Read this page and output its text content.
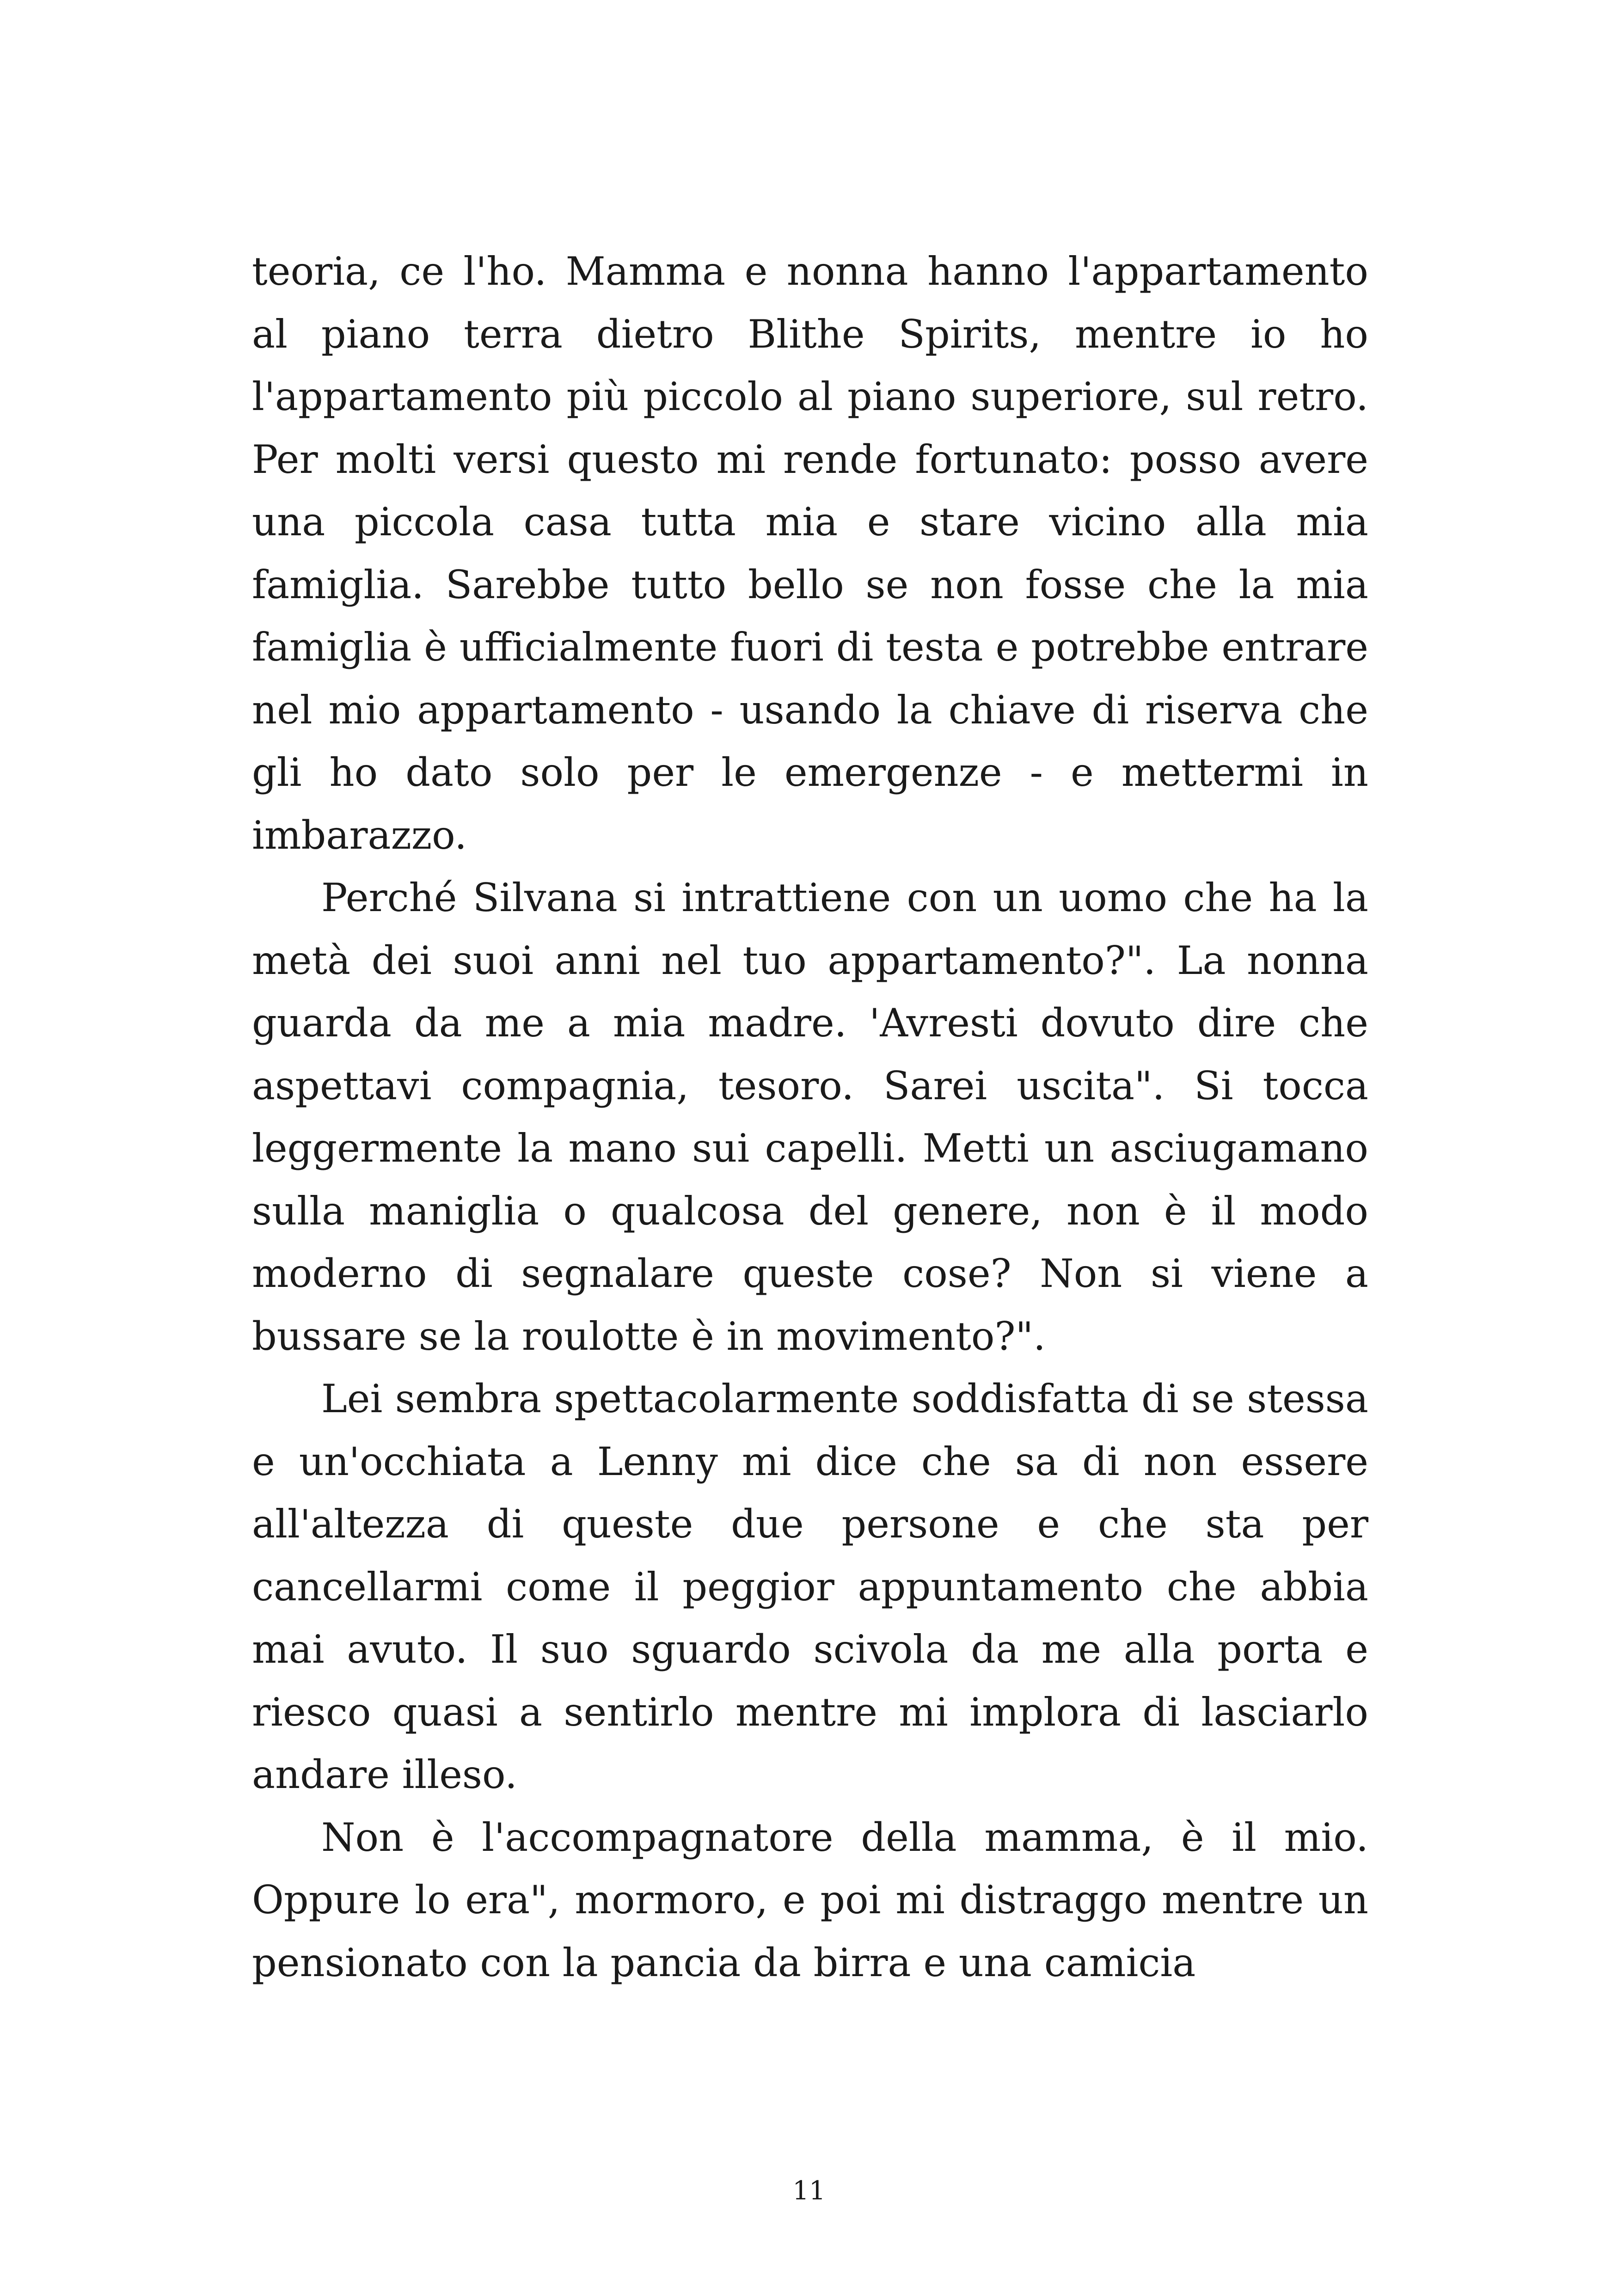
teoria, ce l'ho. Mamma e nonna hanno l'appartamento al piano terra dietro Blithe Spirits, mentre io ho l'appartamento più piccolo al piano superiore, sul retro. Per molti versi questo mi rende fortunato: posso avere una piccola casa tutta mia e stare vicino alla mia famiglia. Sarebbe tutto bello se non fosse che la mia famiglia è ufficialmente fuori di testa e potrebbe entrare nel mio appartamento - usando la chiave di riserva che gli ho dato solo per le emergenze - e mettermi in imbarazzo.

Perché Silvana si intrattiene con un uomo che ha la metà dei suoi anni nel tuo appartamento?". La nonna guarda da me a mia madre. 'Avresti dovuto dire che aspettavi compagnia, tesoro. Sarei uscita". Si tocca leggermente la mano sui capelli. Metti un asciugamano sulla maniglia o qualcosa del genere, non è il modo moderno di segnalare queste cose? Non si viene a bussare se la roulotte è in movimento?".

Lei sembra spettacolarmente soddisfatta di se stessa e un'occhiata a Lenny mi dice che sa di non essere all'altezza di queste due persone e che sta per cancellarmi come il peggior appuntamento che abbia mai avuto. Il suo sguardo scivola da me alla porta e riesco quasi a sentirlo mentre mi implora di lasciarlo andare illeso.

Non è l'accompagnatore della mamma, è il mio. Oppure lo era", mormoro, e poi mi distraggo mentre un pensionato con la pancia da birra e una camicia

11
